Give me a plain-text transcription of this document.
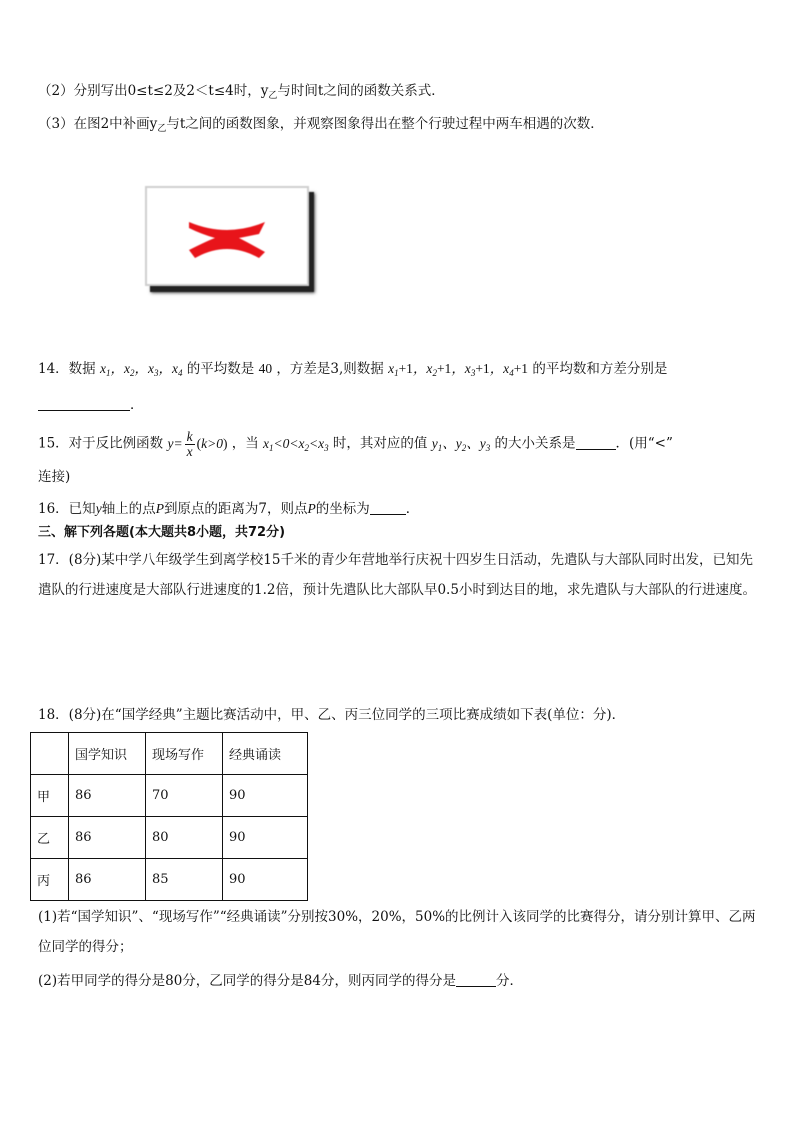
（2）分别写出0≤t≤2及2＜t≤4时，$y_乙$与时间t之间的函数关系式．
（3）在图2中补画$y_乙$与t之间的函数图象，并观察图象得出在整个行驶过程中两车相遇的次数．
14．数据 $x_1$，$x_2$，$x_3$，$x_4$ 的平均数是 40 ，方差是3,则数据 $x_1+1$，$x_2+1$，$x_3+1$，$x_4+1$ 的平均数和方差分别是
．
15．对于反比例函数 $y= \frac{k}{x} (k>0)$ ，当 $x_1<0<x_2<x_3$ 时，其对应的值 $y_1$、$y_2$、$y_3$ 的大小关系是	．(用“<”
连接)
16．已知y轴上的点P到原点的距离为7，则点P的坐标为	．
三、解下列各题(本大题共8小题，共72分)
17．(8分)某中学八年级学生到离学校15千米的青少年营地举行庆祝十四岁生日活动，先遣队与大部队同时出发，已知先遣队的行进速度是大部队行进速度的1.2倍，预计先遣队比大部队早0.5小时到达目的地，求先遣队与大部队的行进速度。
18．(8分)在“国学经典”主题比赛活动中，甲、乙、丙三位同学的三项比赛成绩如下表(单位：分)．
	国学知识	现场写作	经典诵读
甲	86	70	90
乙	86	80	90
丙	86	85	90
(1)若“国学知识”、“现场写作”“经典诵读”分别按30%，20%，50%的比例计入该同学的比赛得分，请分别计算甲、乙两位同学的得分；
(2)若甲同学的得分是80分，乙同学的得分是84分，则丙同学的得分是	分．
